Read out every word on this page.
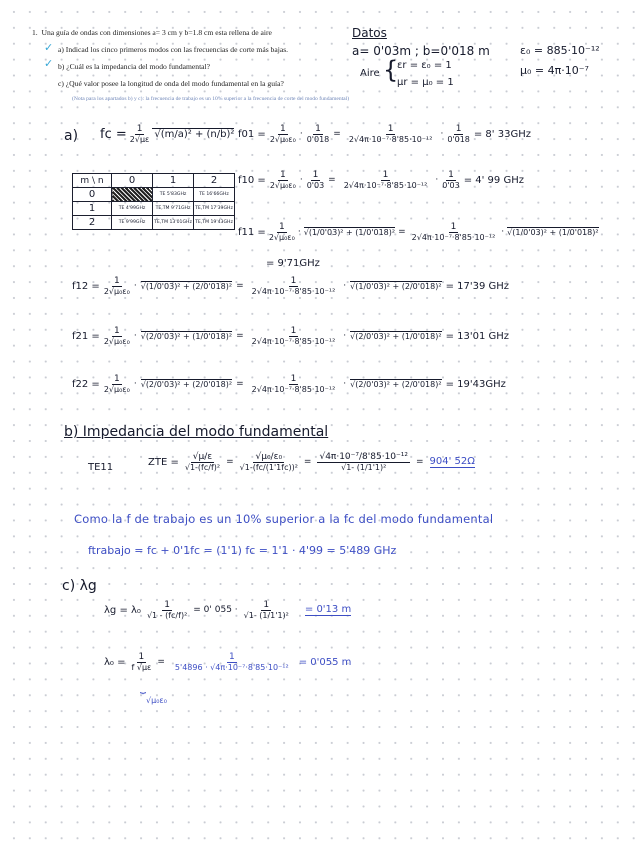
1. Una guía de ondas con dimensiones a= 3 cm y b=1.8 cm esta rellena de aire
✓ a) Indicad los cinco primeros modos con las frecuencias de corte más bajas.
✓ b) ¿Cuál es la impedancia del modo fundamental?
c) ¿Qué valor posee la longitud de onda del modo fundamental en la guía?
(Nota para los apartados b) y c): la frecuencia de trabajo es un 10% superior a la frecuencia de corte del modo fundamental)
Datos
a= 0'03m ; b=0'018 m	ε₀ = 885·10⁻¹²
μ₀ = 4π·10⁻⁷
Aire {
εr = ε₀ = 1
μr = μ₀ = 1
a) fc = $\frac{1}{2√\mu\varepsilon} √(m/a)^2 + (n/b)^2$
m \ n	0	1	2
0		TE 5'83GHz	TE 16'66GHz
1	TE 4'99GHz	TE,TM 9'71GHz	TE,TM 17'39GHz
2	TE 9'99GHz	TE,TM 13'01GHz	TE,TM 19'43GHz
$f01 = \frac{1}{\text{2√μ₀ε₀}} \cdot \frac{1}{0'018} = \frac{1}{\text{2√4π·10⁻⁷·8'85·10⁻¹²}} \cdot \frac{1}{0'018} = 8'$ 33GHz
$f10 = \frac{1}{\text{2√μ₀ε₀}} \cdot \frac{1}{0'03} = \frac{1}{\text{2√4π·10⁻⁷·8'85·10⁻¹²}} \cdot \frac{1}{0'03} = 4'$ 99 GHz
$f11 = \frac{1}{\text{2√μ₀ε₀}} \cdot √(1/0'03)^2 + (1/0'018)^2 = \frac{1}{\text{2√4π·10⁻⁷·8'85·10⁻¹²}} \cdot √(1/0'03)^2 + (1/0'018)^2$
= 9'71GHz
$f12 = \frac{1}{\text{2√μ₀ε₀}} \cdot √(1/0'03)^2 + (2/0'018)^2 = \frac{1}{\text{2√4π·10⁻⁷·8'85·10⁻¹²}} \cdot √(1/0'03)^2 + (2/0'018)^2 = 17'39$ GHz
$f21 = \frac{1}{\text{2√μ₀ε₀}} \cdot √(2/0'03)^2 + (1/0'018)^2 = \frac{1}{\text{2√4π·10⁻⁷·8'85·10⁻¹²}} \cdot √(2/0'03)^2 + (1/0'018)^2 = 13'01$ GHz
$f22 = \frac{1}{\text{2√μ₀ε₀}} \cdot √(2/0'03)^2 + (2/0'018)^2 = \frac{1}{\text{2√4π·10⁻⁷·8'85·10⁻¹²}} \cdot √(2/0'03)^2 + (2/0'018)^2 = 19'43GHz$
b) Impedancia del modo fundamental
TE11	ZTE = $\frac{√\mu/\varepsilon}{\text{√1-(fc/f)²}} = \frac{\text{√μ₀/ε₀}}{\text{√1-(fc/(1'1fc))²}} = \frac{\text{√4π·10⁻⁷/8'85·10⁻¹²}}{\text{√1- (1/1'1)²}} = 904'$ 52Ω
Como la f de trabajo es un 10% superior a la fc del modo fundamental
ftrabajo = fc + 0'1fc = (1'1) fc = 1'1 · 4'99 = 5'489 GHz
c) λg
$\lambda g = \lambda_0 \frac{1}{\text{√1 - (fc/f)²}} = 0'$ $055 \cdot \frac{1}{\text{√1- (1/1'1)²}} = 0'13$ m
$\lambda_0 = \frac{1}{f √\mu\varepsilon} = \frac{1}{\text{5'4896 · √4π·10⁻⁷·8'85·10⁻¹²}} = 0'055$ m
⏟
√μ₀ε₀
